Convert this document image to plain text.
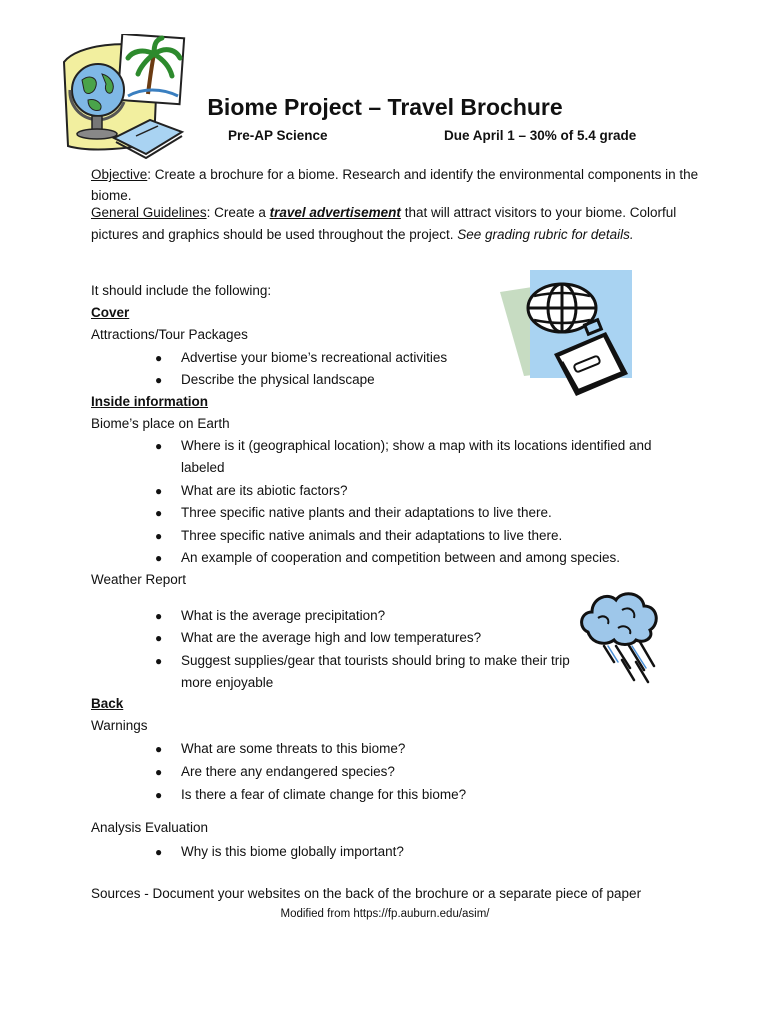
Biome Project – Travel Brochure
Pre-AP Science	Due April 1 – 30% of 5.4 grade
Objective: Create a brochure for a biome. Research and identify the environmental components in the biome.
General Guidelines: Create a travel advertisement that will attract visitors to your biome. Colorful pictures and graphics should be used throughout the project. See grading rubric for details.
It should include the following:
Cover
Attractions/Tour Packages
●	Advertise your biome’s recreational activities
●	Describe the physical landscape
Inside information
Biome’s place on Earth
●	Where is it (geographical location); show a map with its locations identified and labeled
●	What are its abiotic factors?
●	Three specific native plants and their adaptations to live there.
●	Three specific native animals and their adaptations to live there.
●	An example of cooperation and competition between and among species.
Weather Report
●	What is the average precipitation?
●	What are the average high and low temperatures?
●	Suggest supplies/gear that tourists should bring to make their trip more enjoyable
Back
Warnings
●	What are some threats to this biome?
●	Are there any endangered species?
●	Is there a fear of climate change for this biome?
Analysis Evaluation
●	Why is this biome globally important?
Sources - Document your websites on the back of the brochure or a separate piece of paper
Modified from https://fp.auburn.edu/asim/
